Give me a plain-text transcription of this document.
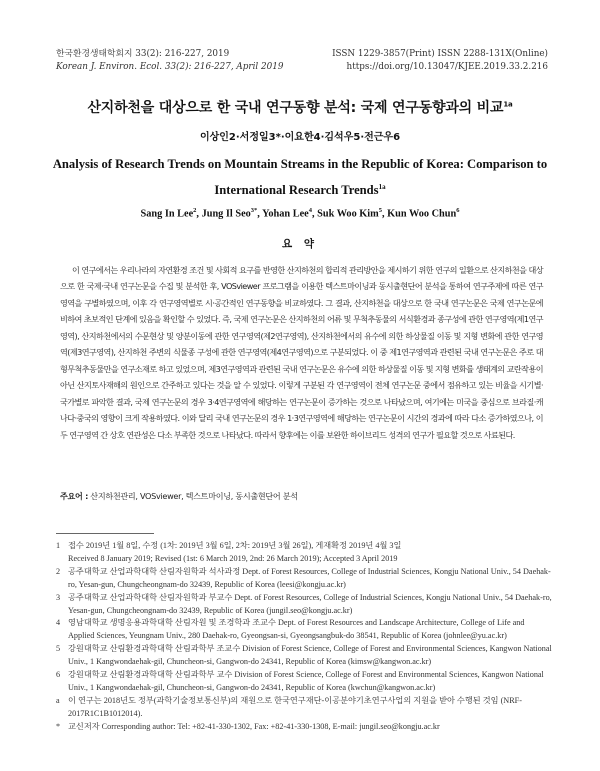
한국환경생태학회지 33(2): 216-227, 2019
Korean J. Environ. Ecol. 33(2): 216-227, April 2019
ISSN 1229-3857(Print) ISSN 2288-131X(Online)
https://doi.org/10.13047/KJEE.2019.33.2.216
산지하천을 대상으로 한 국내 연구동향 분석: 국제 연구동향과의 비교$^{1a}$
이상인2·서정일3*·이요한4·김석우5·전근우6
Analysis of Research Trends on Mountain Streams in the Republic of Korea: Comparison to
International Research Trends$^{1a}$
Sang In Lee$^2$, Jung Il Seo$^{3*}$, Yohan Lee$^4$, Suk Woo Kim$^5$, Kun Woo Chun$^6$
요 약
이 연구에서는 우리나라의 자연환경 조건 및 사회적 요구를 반영한 산지하천의 합리적 관리방안을 제시하기 위한 연구의 일환으로 산지하천을 대상으로 한 국제·국내 연구논문을 수집 및 분석한 후, VOSviewer 프로그램을 이용한 텍스트마이닝과 동시출현단어 분석을 통하여 연구주제에 따른 연구영역을 구별하였으며, 이후 각 연구영역별로 시·공간적인 연구동향을 비교하였다. 그 결과, 산지하천을 대상으로 한 국내 연구논문은 국제 연구논문에 비하여 초보적인 단계에 있음을 확인할 수 있었다. 즉, 국제 연구논문은 산지하천의 어류 및 무척추동물의 서식환경과 종구성에 관한 연구영역(제1연구영역), 산지하천에서의 수문현상 및 양분이동에 관한 연구영역(제2연구영역), 산지하천에서의 유수에 의한 하상물질 이동 및 지형 변화에 관한 연구영역(제3연구영역), 산지하천 주변의 식물종 구성에 관한 연구영역(제4연구영역)으로 구분되었다. 이 중 제1연구영역과 관련된 국내 연구논문은 주로 대형무척추동물만을 연구소재로 하고 있었으며, 제3연구영역과 관련된 국내 연구논문은 유수에 의한 하상물질 이동 및 지형 변화를 생태계의 교란작용이 아닌 산지토사재해의 원인으로 간주하고 있다는 것을 알 수 있었다. 이렇게 구분된 각 연구영역이 전체 연구논문 중에서 점유하고 있는 비율을 시기별·국가별로 파악한 결과, 국제 연구논문의 경우 3·4연구영역에 해당하는 연구논문이 증가하는 것으로 나타났으며, 여기에는 미국을 중심으로 브라질·캐나다·중국의 영향이 크게 작용하였다. 이와 달리 국내 연구논문의 경우 1·3연구영역에 해당하는 연구논문이 시간의 경과에 따라 다소 증가하였으나, 이 두 연구영역 간 상호 연관성은 다소 부족한 것으로 나타났다. 따라서 향후에는 이를 보완한 하이브리드 성격의 연구가 필요할 것으로 사료된다.
주요어 : 산지하천관리, VOSviewer, 텍스트마이닝, 동시출현단어 분석
1 접수 2019년 1월 8일, 수정 (1차: 2019년 3월 6일, 2차: 2019년 3월 26일), 게재확정 2019년 4월 3일
Received 8 January 2019; Revised (1st: 6 March 2019, 2nd: 26 March 2019); Accepted 3 April 2019
2 공주대학교 산업과학대학 산림자원학과 석사과정 Dept. of Forest Resources, College of Industrial Sciences, Kongju National Univ., 54 Daehak-ro, Yesan-gun, Chungcheongnam-do 32439, Republic of Korea (leesi@kongju.ac.kr)
3 공주대학교 산업과학대학 산림자원학과 부교수 Dept. of Forest Resources, College of Industrial Sciences, Kongju National Univ., 54 Daehak-ro, Yesan-gun, Chungcheongnam-do 32439, Republic of Korea (jungil.seo@kongju.ac.kr)
4 영남대학교 생명응용과학대학 산림자원 및 조경학과 조교수 Dept. of Forest Resources and Landscape Architecture, College of Life and Applied Sciences, Yeungnam Univ., 280 Daehak-ro, Gyeongsan-si, Gyeongsangbuk-do 38541, Republic of Korea (johnlee@yu.ac.kr)
5 강원대학교 산림환경과학대학 산림과학부 조교수 Division of Forest Science, College of Forest and Environmental Sciences, Kangwon National Univ., 1 Kangwondaehak-gil, Chuncheon-si, Gangwon-do 24341, Republic of Korea (kimsw@kangwon.ac.kr)
6 강원대학교 산림환경과학대학 산림과학부 교수 Division of Forest Science, College of Forest and Environmental Sciences, Kangwon National Univ., 1 Kangwondaehak-gil, Chuncheon-si, Gangwon-do 24341, Republic of Korea (kwchun@kangwon.ac.kr)
a	이 연구는 2018년도 정부(과학기술정보통신부)의 재원으로 한국연구재단-이공분야기초연구사업의 지원을 받아 수행된 것임 (NRF-2017R1C1B1012014).
* 교신저자 Corresponding author: Tel: +82-41-330-1302, Fax: +82-41-330-1308, E-mail: jungil.seo@kongju.ac.kr
